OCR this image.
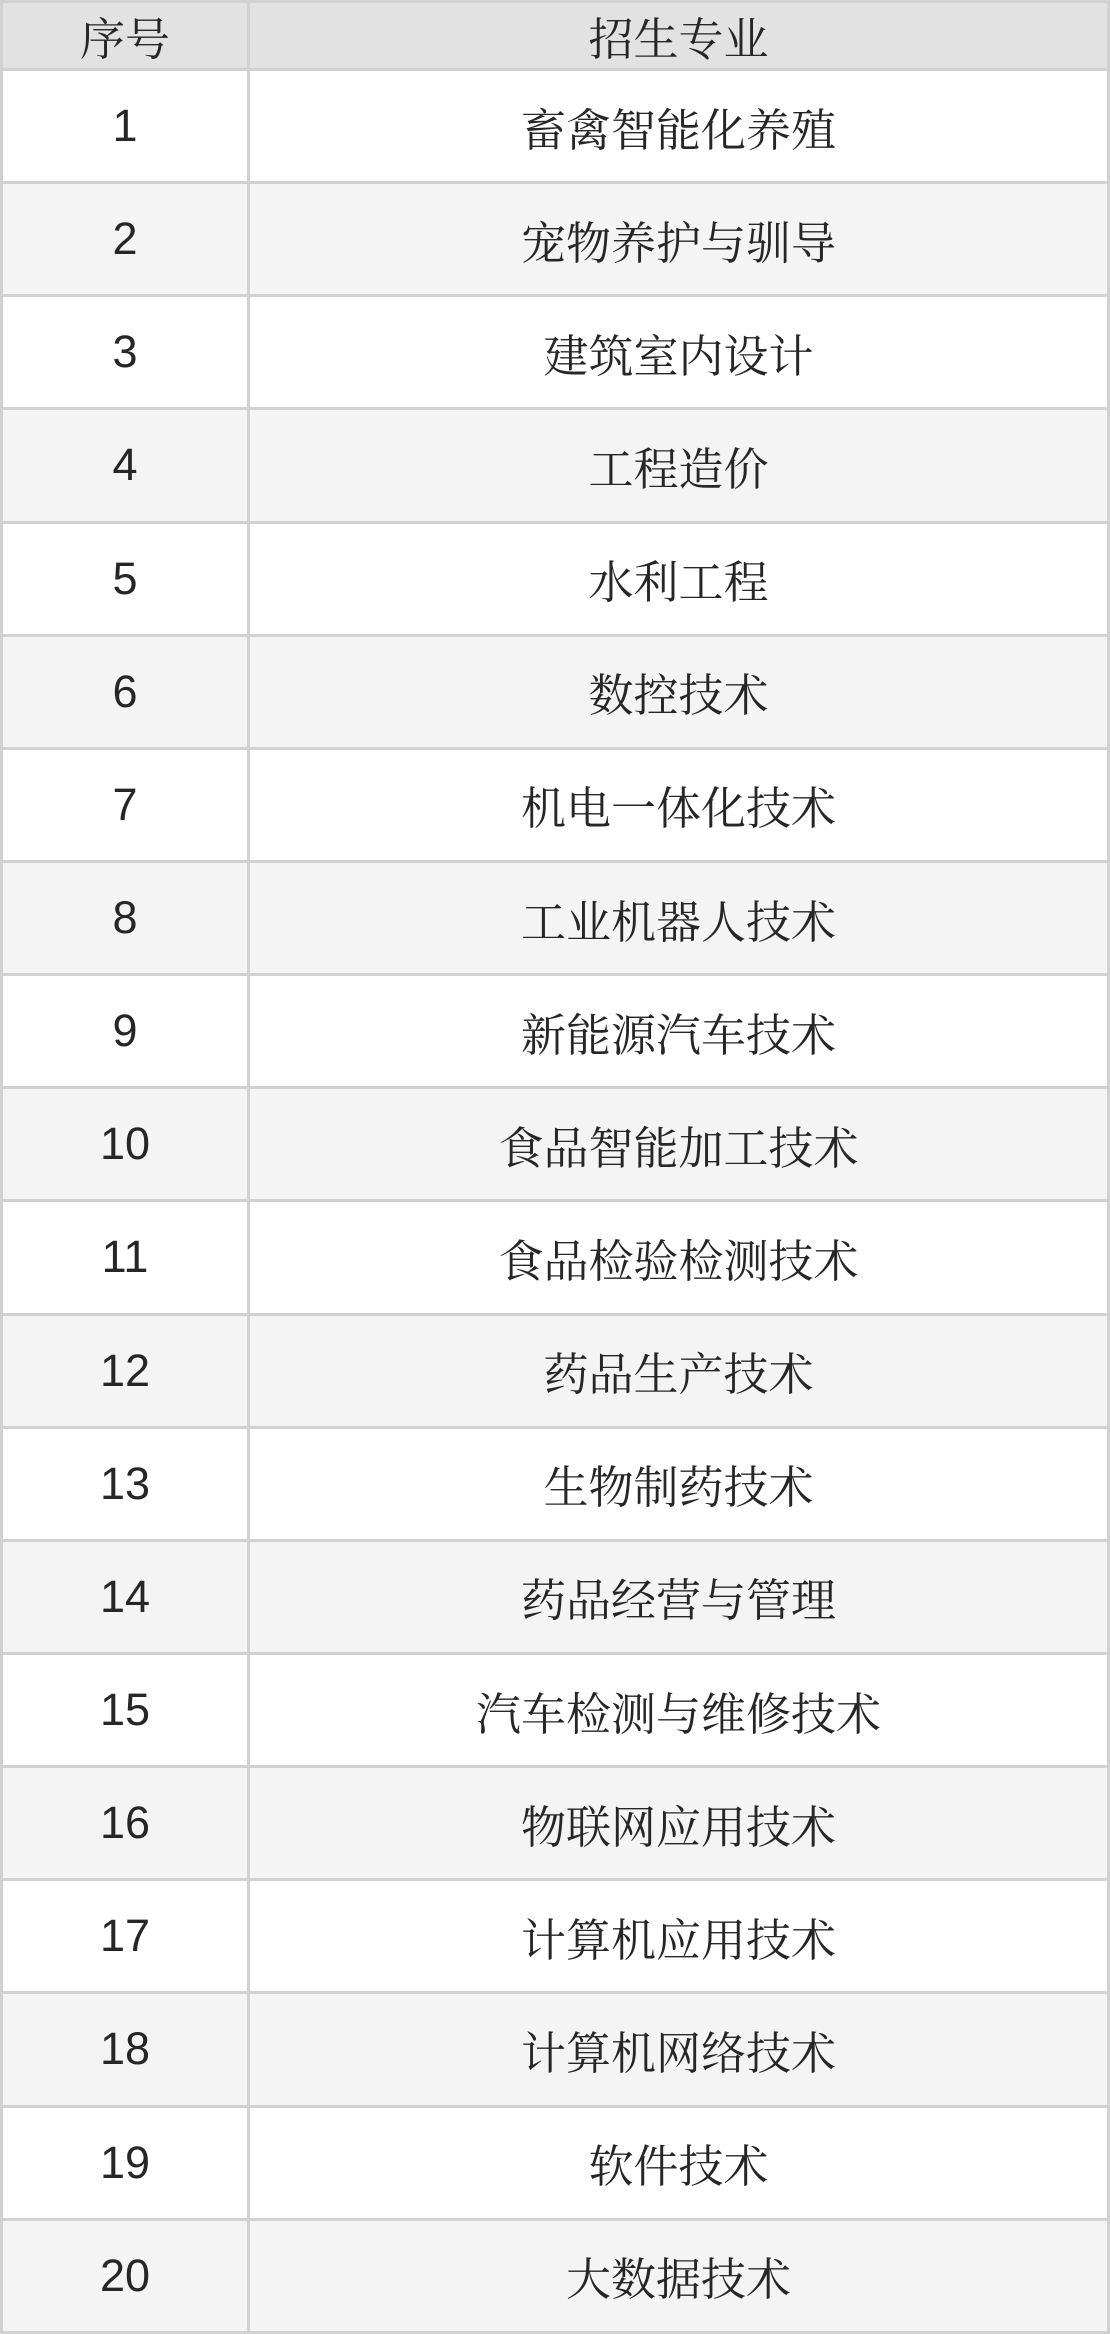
序号	招生专业
1	畜禽智能化养殖
2	宠物养护与驯导
3	建筑室内设计
4	工程造价
5	水利工程
6	数控技术
7	机电一体化技术
8	工业机器人技术
9	新能源汽车技术
10	食品智能加工技术
11	食品检验检测技术
12	药品生产技术
13	生物制药技术
14	药品经营与管理
15	汽车检测与维修技术
16	物联网应用技术
17	计算机应用技术
18	计算机网络技术
19	软件技术
20	大数据技术
